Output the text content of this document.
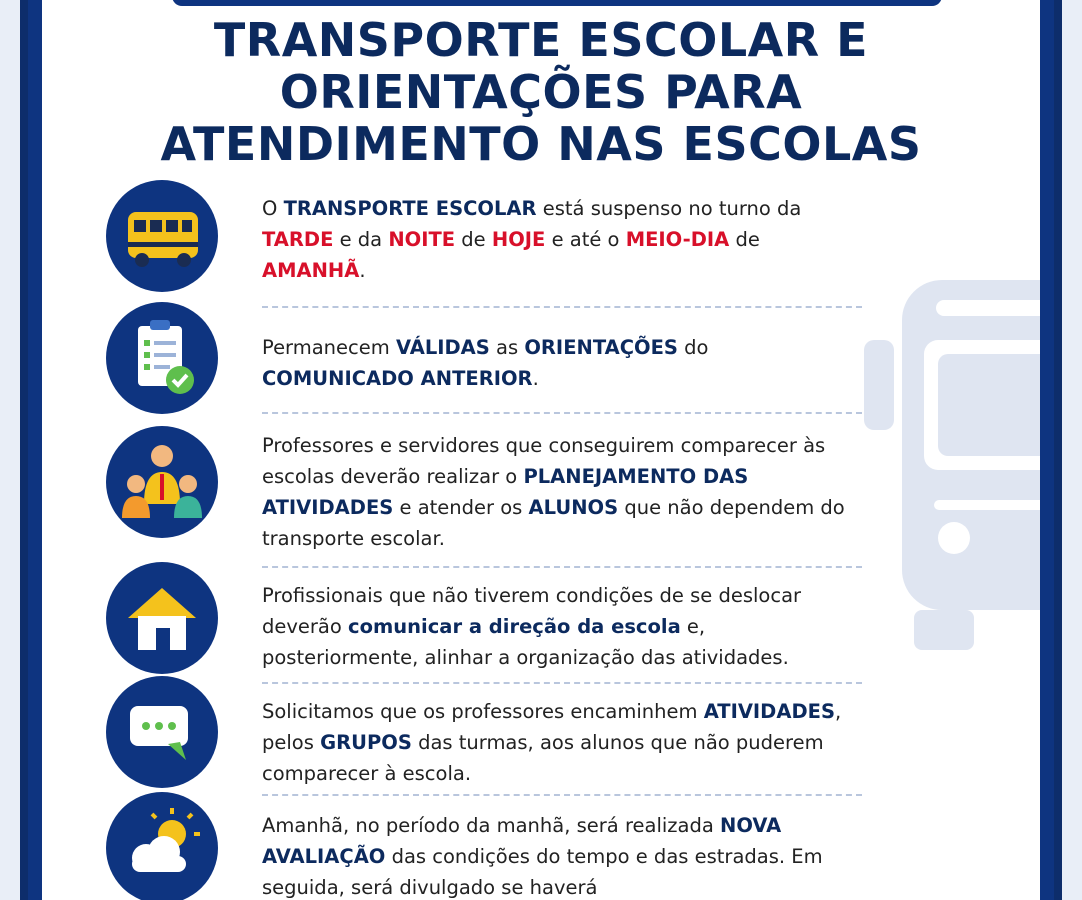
TRANSPORTE ESCOLAR E
ORIENTAÇÕES PARA
ATENDIMENTO NAS ESCOLAS
O TRANSPORTE ESCOLAR está suspenso no turno da TARDE e da NOITE de HOJE e até o MEIO-DIA de AMANHÃ.
Permanecem VÁLIDAS as ORIENTAÇÕES do COMUNICADO ANTERIOR.
Professores e servidores que conseguirem comparecer às escolas deverão realizar o PLANEJAMENTO DAS ATIVIDADES e atender os ALUNOS que não dependem do transporte escolar.
Profissionais que não tiverem condições de se deslocar deverão comunicar a direção da escola e, posteriormente, alinhar a organização das atividades.
Solicitamos que os professores encaminhem ATIVIDADES, pelos GRUPOS das turmas, aos alunos que não puderem comparecer à escola.
Amanhã, no período da manhã, será realizada NOVA AVALIAÇÃO das condições do tempo e das estradas. Em seguida, será divulgado se haverá
